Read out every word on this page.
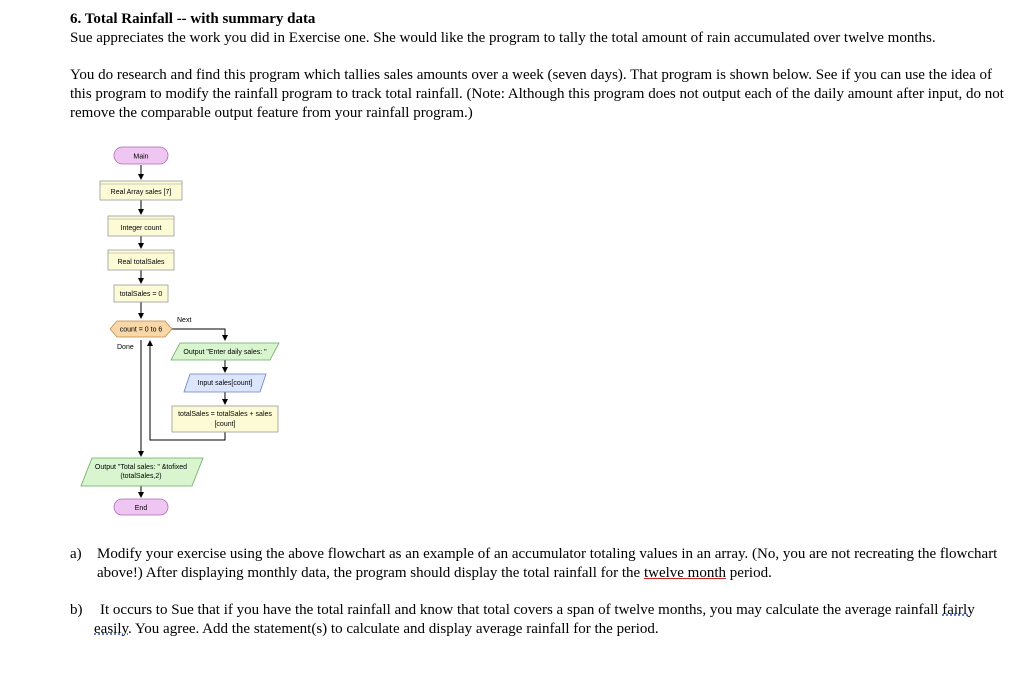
6. Total Rainfall -- with summary data
Sue appreciates the work you did in Exercise one. She would like the program to tally the total amount of rain accumulated over twelve months.
You do research and find this program which tallies sales amounts over a week (seven days). That program is shown below. See if you can use the idea of this program to modify the rainfall program to track total rainfall. (Note: Although this program does not output each of the daily amount after input, do not remove the comparable output feature from your rainfall program.)
Main
Real Array sales [7]
Integer count
Real totalSales
totalSales = 0
count = 0 to 6
Next
Done
Output "Enter daily sales: "
Input sales[count]
totalSales = totalSales + sales
[count]
Output "Total sales: " &tofixed
(totalSales,2)
End
a) Modify your exercise using the above flowchart as an example of an accumulator totaling values in an array. (No, you are not recreating the flowchart above!) After displaying monthly data, the program should display the total rainfall for the twelve month period.
b)	It occurs to Sue that if you have the total rainfall and know that total covers a span of twelve months, you may calculate the average rainfall fairly easily. You agree. Add the statement(s) to calculate and display average rainfall for the period.
